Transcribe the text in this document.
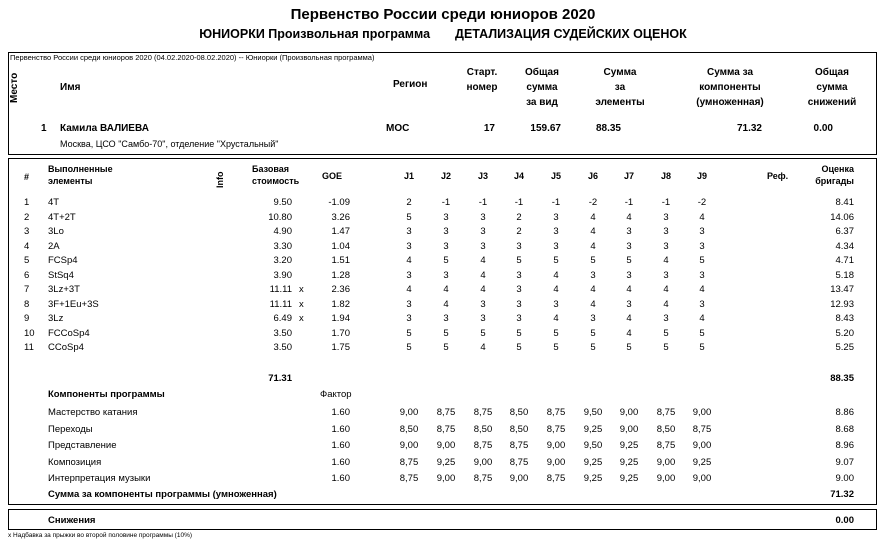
Первенство России среди юниоров 2020
ЮНИОРКИ Произвольная программа ДЕТАЛИЗАЦИЯ СУДЕЙСКИХ ОЦЕНОК
Первенство России среди юниоров 2020 (04.02.2020-08.02.2020) -- Юниорки (Произвольная программа)
Место	Имя	Регион
Старт.
номер
Общая
сумма
за вид
Сумма
за
элементы
Сумма за
компоненты
(умноженная)
Общая
сумма
снижений
1 Камила ВАЛИЕВА	МОС	17	159.67	88.35	71.32	0.00
Москва, ЦСО "Самбо-70", отделение "Хрустальный"
#
Выполненные
элементы	Info
Базовая
стоимость	GOE	J1	J2	J3	J4	J5	J6	J7	J8	J9	Реф.
Оценка
бригады
1 4T	9.50	-1.09	2	-1	-1	-1	-1	-2	-1	-1	-2	8.41
2 4T+2T	10.80	3.26	5	3	3	2	3	4	4	3	4	14.06
3 3Lo	4.90	1.47	3	3	3	2	3	4	3	3	3	6.37
4 2A	3.30	1.04	3	3	3	3	3	4	3	3	3	4.34
5 FCSp4	3.20	1.51	4	5	4	5	5	5	5	4	5	4.71
6 StSq4	3.90	1.28	3	3	4	3	4	3	3	3	3	5.18
7 3Lz+3T	11.11 x	2.36	4	4	4	3	4	4	4	4	4	13.47
8 3F+1Eu+3S	11.11 x	1.82	3	4	3	3	3	4	3	4	3	12.93
9 3Lz	6.49 x	1.94	3	3	3	3	4	3	4	3	4	8.43
10 FCCoSp4	3.50	1.70	5	5	5	5	5	5	4	5	5	5.20
11 CCoSp4	3.50	1.75	5	5	4	5	5	5	5	5	5	5.25
71.31	88.35
Компоненты программы	Фактор
Мастерство катания	1.60	9,00	8,75	8,75	8,50	8,75	9,50	9,00	8,75	9,00	8.86
Переходы	1.60	8,50	8,75	8,50	8,50	8,75	9,25	9,00	8,50	8,75	8.68
Представление	1.60	9,00	9,00	8,75	8,75	9,00	9,50	9,25	8,75	9,00	8.96
Композиция	1.60	8,75	9,25	9,00	8,75	9,00	9,25	9,25	9,00	9,25	9.07
Интерпретация музыки	1.60	8,75	9,00	8,75	9,00	8,75	9,25	9,25	9,00	9,00	9.00
Сумма за компоненты программы (умноженная)	71.32
Снижения	0.00
x Надбавка за прыжки во второй половине программы (10%)
